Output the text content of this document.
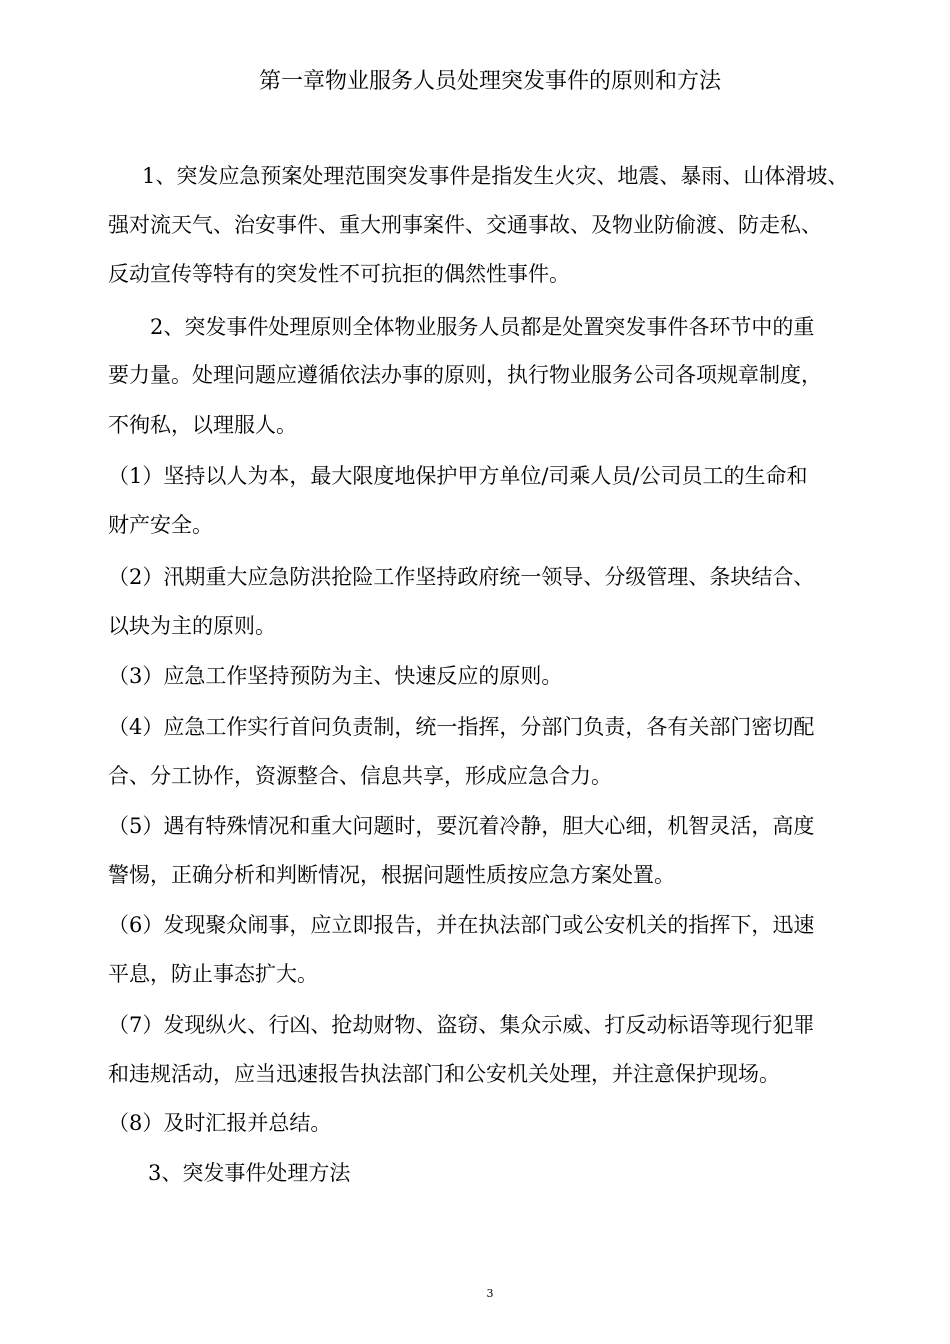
第一章物业服务人员处理突发事件的原则和方法

1、突发应急预案处理范围突发事件是指发生火灾、地震、暴雨、山体滑坡、

强对流天气、治安事件、重大刑事案件、交通事故、及物业防偷渡、防走私、

反动宣传等特有的突发性不可抗拒的偶然性事件。

2、突发事件处理原则全体物业服务人员都是处置突发事件各环节中的重

要力量。处理问题应遵循依法办事的原则，执行物业服务公司各项规章制度，

不徇私，以理服人。

（1）坚持以人为本，最大限度地保护甲方单位/司乘人员/公司员工的生命和

财产安全。

（2）汛期重大应急防洪抢险工作坚持政府统一领导、分级管理、条块结合、

以块为主的原则。

（3）应急工作坚持预防为主、快速反应的原则。

（4）应急工作实行首问负责制，统一指挥，分部门负责，各有关部门密切配

合、分工协作，资源整合、信息共享，形成应急合力。

（5）遇有特殊情况和重大问题时，要沉着冷静，胆大心细，机智灵活，高度

警惕，正确分析和判断情况，根据问题性质按应急方案处置。

（6）发现聚众闹事，应立即报告，并在执法部门或公安机关的指挥下，迅速

平息，防止事态扩大。

（7）发现纵火、行凶、抢劫财物、盗窃、集众示威、打反动标语等现行犯罪

和违规活动，应当迅速报告执法部门和公安机关处理，并注意保护现场。

（8）及时汇报并总结。

3、突发事件处理方法

3
